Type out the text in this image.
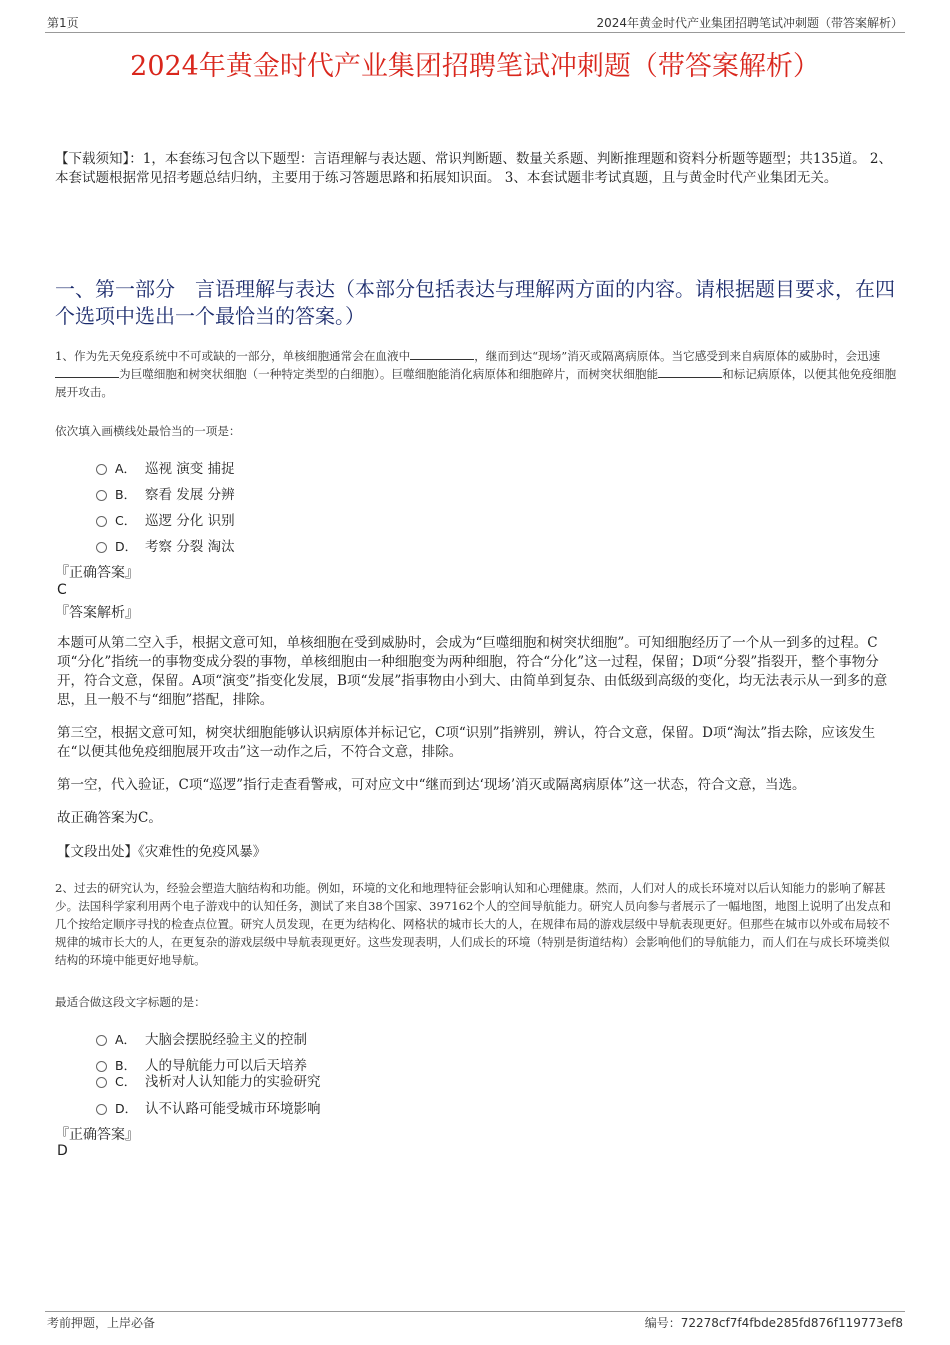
第1页	2024年黄金时代产业集团招聘笔试冲刺题（带答案解析）
2024年黄金时代产业集团招聘笔试冲刺题（带答案解析）
【下载须知】：1，本套练习包含以下题型：言语理解与表达题、常识判断题、数量关系题、判断推理题和资料分析题等题型；共135道。 2、本套试题根据常见招考题总结归纳，主要用于练习答题思路和拓展知识面。 3、本套试题非考试真题，且与黄金时代产业集团无关。
一、第一部分　言语理解与表达（本部分包括表达与理解两方面的内容。请根据题目要求，在四个选项中选出一个最恰当的答案。）
1、作为先天免疫系统中不可或缺的一部分，单核细胞通常会在血液中	，继而到达“现场”消灭或隔离病原体。当它感受到来自病原体的威胁时，会迅速为巨噬细胞和树突状细胞（一种特定类型的白细胞）。巨噬细胞能消化病原体和细胞碎片，而树突状细胞能	和标记病原体，以便其他免疫细胞展开攻击。
依次填入画横线处最恰当的一项是：
A． 巡视 演变 捕捉
B． 察看 发展 分辨
C． 巡逻 分化 识别
D． 考察 分裂 淘汰
『正确答案』
C
『答案解析』
本题可从第二空入手，根据文意可知，单核细胞在受到威胁时，会成为“巨噬细胞和树突状细胞”。可知细胞经历了一个从一到多的过程。C项“分化”指统一的事物变成分裂的事物，单核细胞由一种细胞变为两种细胞，符合“分化”这一过程，保留；D项“分裂”指裂开，整个事物分开，符合文意，保留。A项“演变”指变化发展，B项“发展”指事物由小到大、由简单到复杂、由低级到高级的变化，均无法表示从一到多的意思，且一般不与“细胞”搭配，排除。
第三空，根据文意可知，树突状细胞能够认识病原体并标记它，C项“识别”指辨别，辨认，符合文意，保留。D项“淘汰”指去除，应该发生在“以便其他免疫细胞展开攻击”这一动作之后，不符合文意，排除。
第一空，代入验证，C项“巡逻”指行走查看警戒，可对应文中“继而到达‘现场’消灭或隔离病原体”这一状态，符合文意，当选。
故正确答案为C。
【文段出处】《灾难性的免疫风暴》
2、过去的研究认为，经验会塑造大脑结构和功能。例如，环境的文化和地理特征会影响认知和心理健康。然而，人们对人的成长环境对以后认知能力的影响了解甚少。法国科学家利用两个电子游戏中的认知任务，测试了来自38个国家、397162个人的空间导航能力。研究人员向参与者展示了一幅地图，地图上说明了出发点和几个按给定顺序寻找的检查点位置。研究人员发现，在更为结构化、网格状的城市长大的人，在规律布局的游戏层级中导航表现更好。但那些在城市以外或布局较不规律的城市长大的人，在更复杂的游戏层级中导航表现更好。这些发现表明，人们成长的环境（特别是街道结构）会影响他们的导航能力，而人们在与成长环境类似结构的环境中能更好地导航。
最适合做这段文字标题的是：
A． 大脑会摆脱经验主义的控制
B． 人的导航能力可以后天培养
C． 浅析对人认知能力的实验研究
D． 认不认路可能受城市环境影响
『正确答案』
D
考前押题，上岸必备	编号：72278cf7f4fbde285fd876f119773ef8
